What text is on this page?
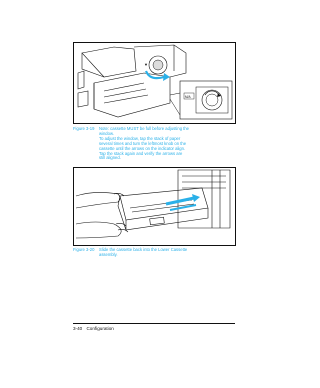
▼
M/A
Figure 3-19	Note: cassette MUST be full before adjusting the
window.
To adjust the window, tap the stack of paper
several times and turn the leftmost knob on the
cassette until the arrows on the indicator align.
Tap the stack again and verify the arrows are
still aligned.
Figure 3-20	Slide the cassette back into the Lower Cassette
assembly.
3-40 Configuration
